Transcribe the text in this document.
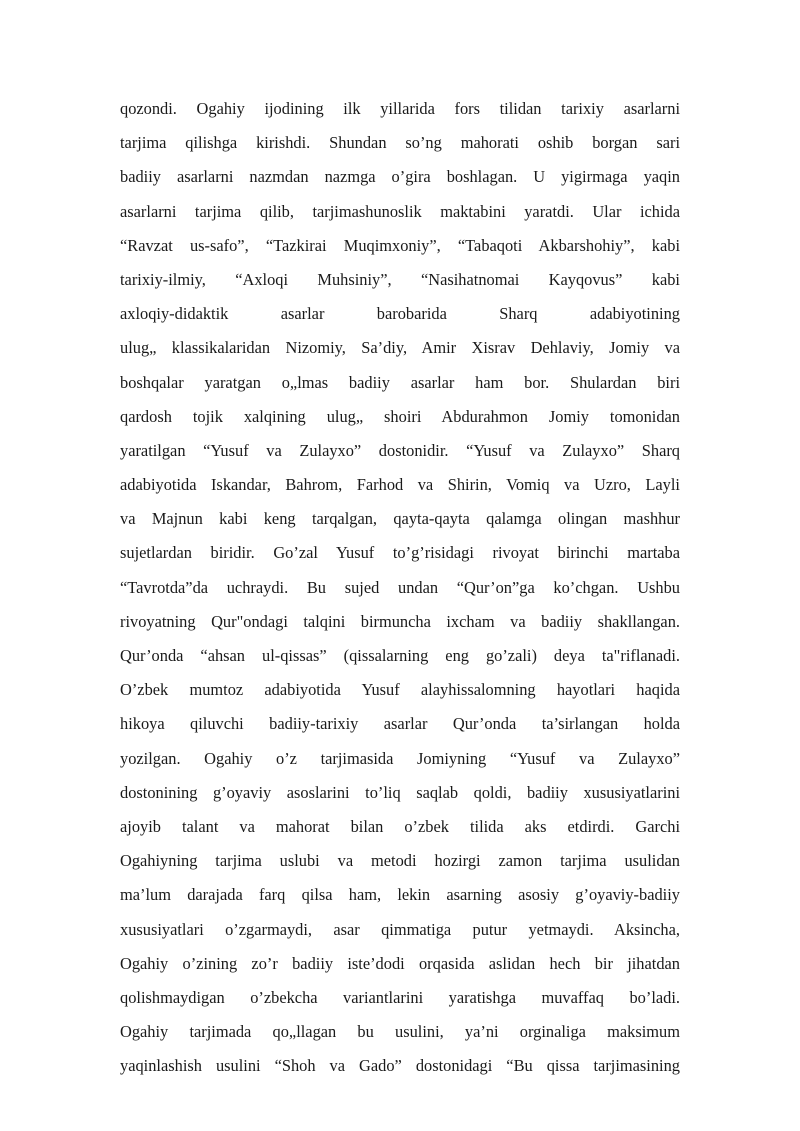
qozondi. Ogahiy ijodining ilk yillarida fors tilidan tarixiy asarlarni
tarjima qilishga kirishdi. Shundan so’ng mahorati oshib borgan sari
badiiy asarlarni nazmdan nazmga o’gira boshlagan. U yigirmaga yaqin
asarlarni tarjima qilib, tarjimashunoslik maktabini yaratdi. Ular ichida
“Ravzat us-safo”, “Tazkirai Muqimxoniy”, “Tabaqoti Akbarshohiy”, kabi
tarixiy-ilmiy, “Axloqi Muhsiniy”, “Nasihatnomai Kayqovus” kabi
axloqiy-didaktik asarlar barobarida Sharq adabiyotining
ulug„ klassikalaridan Nizomiy, Sa’diy, Amir Xisrav Dehlaviy, Jomiy va
boshqalar yaratgan o„lmas badiiy asarlar ham bor. Shulardan biri
qardosh tojik xalqining ulug„ shoiri Abdurahmon Jomiy tomonidan
yaratilgan “Yusuf va Zulayxo” dostonidir. “Yusuf va Zulayxo” Sharq
adabiyotida Iskandar, Bahrom, Farhod va Shirin, Vomiq va Uzro, Layli
va Majnun kabi keng tarqalgan, qayta-qayta qalamga olingan mashhur
sujetlardan biridir. Go’zal Yusuf to’g’risidagi rivoyat birinchi martaba
“Tavrotda”da uchraydi. Bu sujed undan “Qur’on”ga ko’chgan. Ushbu
rivoyatning Qur"ondagi talqini birmuncha ixcham va badiiy shakllangan.
Qur’onda “ahsan ul-qissas” (qissalarning eng go’zali) deya ta"riflanadi.
O’zbek mumtoz adabiyotida Yusuf alayhissalomning hayotlari haqida
hikoya qiluvchi badiiy-tarixiy asarlar Qur’onda ta’sirlangan holda
yozilgan. Ogahiy o’z tarjimasida Jomiyning “Yusuf va Zulayxo”
dostonining g’oyaviy asoslarini to’liq saqlab qoldi, badiiy xususiyatlarini
ajoyib talant va mahorat bilan o’zbek tilida aks etdirdi. Garchi
Ogahiyning tarjima uslubi va metodi hozirgi zamon tarjima usulidan
ma’lum darajada farq qilsa ham, lekin asarning asosiy g’oyaviy-badiiy
xususiyatlari o’zgarmaydi, asar qimmatiga putur yetmaydi. Aksincha,
Ogahiy o’zining zo’r badiiy iste’dodi orqasida aslidan hech bir jihatdan
qolishmaydigan o’zbekcha variantlarini yaratishga muvaffaq bo’ladi.
Ogahiy tarjimada qo„llagan bu usulini, ya’ni orginaliga maksimum
yaqinlashish usulini “Shoh va Gado” dostonidagi “Bu qissa tarjimasining
